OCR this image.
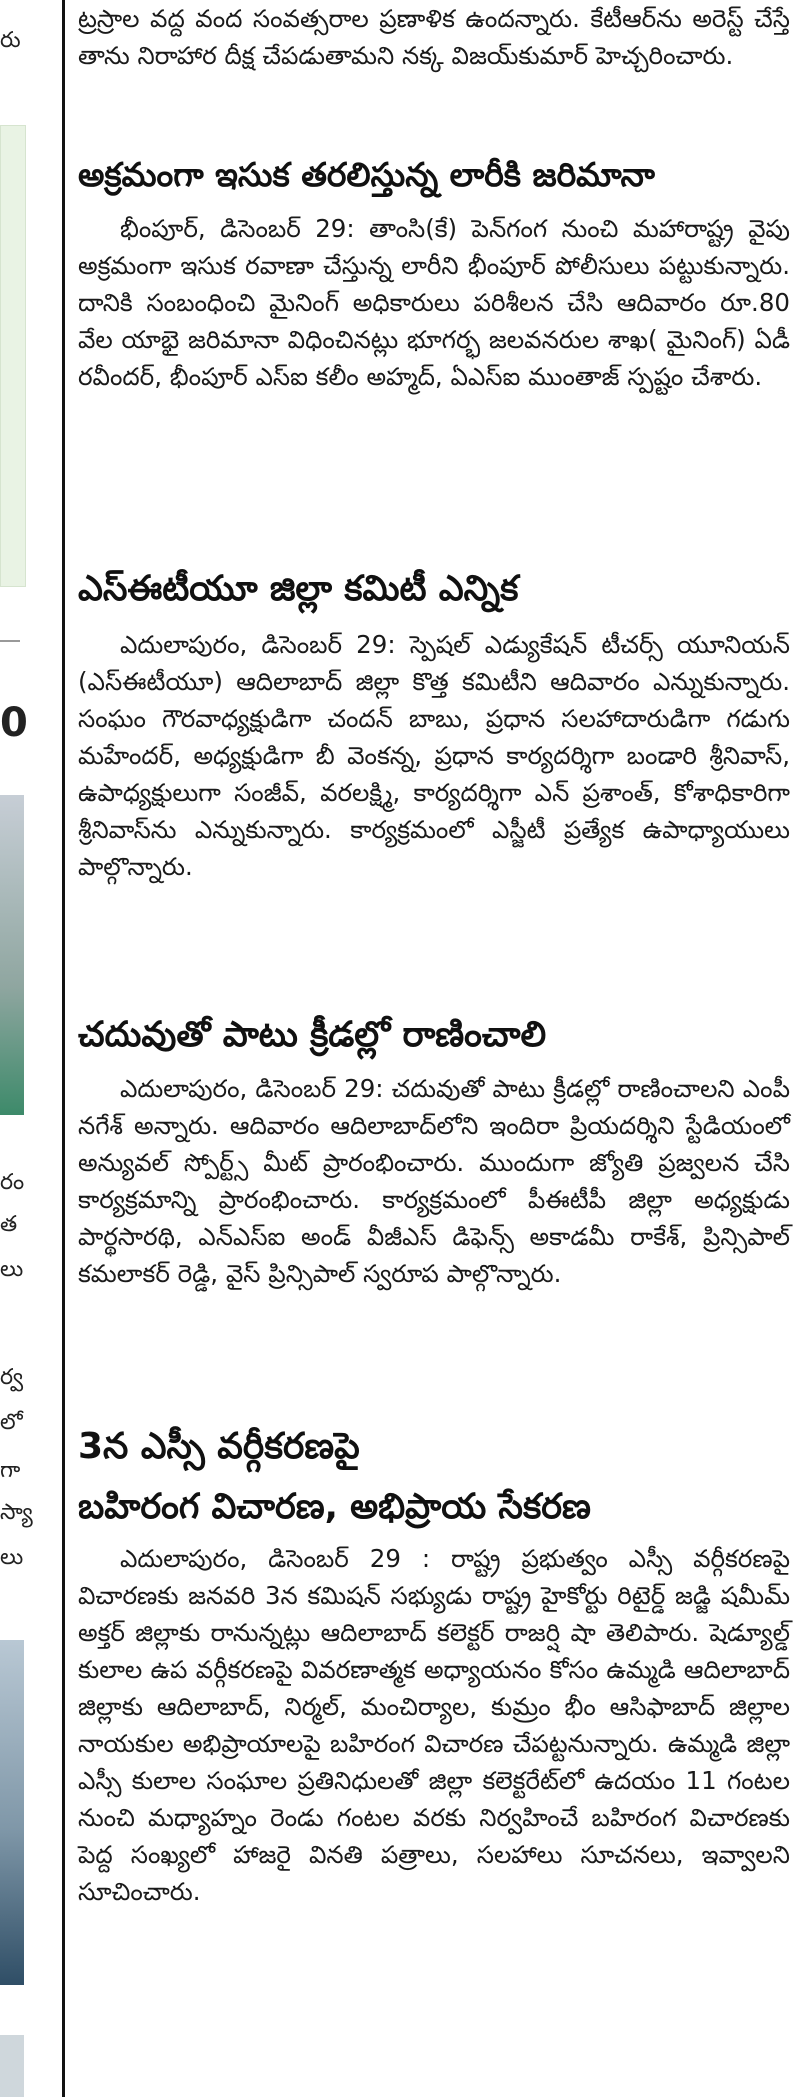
రు
0
రం
త
లు
ర్వ
లో
గా
స్యా
లు

ట్రస్రాల వద్ద వంద సంవత్సరాల ప్రణాళిక ఉందన్నారు. కేటీఆర్‌ను అరెస్ట్ చేస్తే తాను నిరాహార దీక్ష చేపడుతామని నక్క విజయ్‌కుమార్ హెచ్చరించారు.

అక్రమంగా ఇసుక తరలిస్తున్న లారీకి జరిమానా

భీంపూర్, డిసెంబర్ 29: తాంసి(కే) పెన్‌గంగ నుంచి మహారాష్ట్ర వైపు అక్రమంగా ఇసుక రవాణా చేస్తున్న లారీని భీంపూర్ పోలీసులు పట్టుకున్నారు. దానికి సంబంధించి మైనింగ్ అధికారులు పరిశీలన చేసి ఆదివారం రూ.80 వేల యాభై జరిమానా విధించినట్లు భూగర్భ జలవనరుల శాఖ( మైనింగ్) ఏడీ రవీందర్, భీంపూర్ ఎస్ఐ కలీం అహ్మద్, ఏఎస్ఐ ముంతాజ్ స్పష్టం చేశారు.

ఎస్ఈటీయూ జిల్లా కమిటీ ఎన్నిక

ఎదులాపురం, డిసెంబర్ 29: స్పెషల్ ఎడ్యుకేషన్ టీచర్స్ యూనియన్ (ఎస్ఈటీయూ) ఆదిలాబాద్ జిల్లా కొత్త కమిటీని ఆదివారం ఎన్నుకున్నారు. సంఘం గౌరవాధ్యక్షుడిగా చందన్ బాబు, ప్రధాన సలహాదారుడిగా గడుగు మహేందర్, అధ్యక్షుడిగా బీ వెంకన్న, ప్రధాన కార్యదర్శిగా బండారి శ్రీనివాస్, ఉపాధ్యక్షులుగా సంజీవ్, వరలక్ష్మి, కార్యదర్శిగా ఎన్ ప్రశాంత్, కోశాధికారిగా శ్రీనివాస్‌ను ఎన్నుకున్నారు. కార్యక్రమంలో ఎస్జీటీ ప్రత్యేక ఉపాధ్యాయులు పాల్గొన్నారు.

చదువుతో పాటు క్రీడల్లో రాణించాలి

ఎదులాపురం, డిసెంబర్ 29: చదువుతో పాటు క్రీడల్లో రాణించాలని ఎంపీ నగేశ్ అన్నారు. ఆదివారం ఆదిలాబాద్‌లోని ఇందిరా ప్రియదర్శిని స్టేడియంలో అన్యువల్ స్పోర్ట్స్ మీట్ ప్రారంభించారు. ముందుగా జ్యోతి ప్రజ్వలన చేసి కార్యక్రమాన్ని ప్రారంభించారు. కార్యక్రమంలో పీఈటీపీ జిల్లా అధ్యక్షుడు పార్థసారథి, ఎన్ఎస్ఐ అండ్ వీజీఎస్ డిఫెన్స్ అకాడమీ రాకేశ్, ప్రిన్సిపాల్ కమలాకర్ రెడ్డి, వైస్ ప్రిన్సిపాల్ స్వరూప పాల్గొన్నారు.

3న ఎస్సీ వర్గీకరణపై
బహిరంగ విచారణ, అభిప్రాయ సేకరణ

ఎదులాపురం, డిసెంబర్ 29 : రాష్ట్ర ప్రభుత్వం ఎస్సీ వర్గీకరణపై విచారణకు జనవరి 3న కమిషన్ సభ్యుడు రాష్ట్ర హైకోర్టు రిటైర్డ్ జడ్జి షమీమ్ అక్తర్ జిల్లాకు రానున్నట్లు ఆదిలాబాద్ కలెక్టర్ రాజర్షి షా తెలిపారు. షెడ్యూల్డ్ కులాల ఉప వర్గీకరణపై వివరణాత్మక అధ్యాయనం కోసం ఉమ్మడి ఆదిలాబాద్ జిల్లాకు ఆదిలాబాద్, నిర్మల్, మంచిర్యాల, కుమ్రం భీం ఆసిఫాబాద్ జిల్లాల నాయకుల అభిప్రాయాలపై బహిరంగ విచారణ చేపట్టనున్నారు. ఉమ్మడి జిల్లా ఎస్సీ కులాల సంఘాల ప్రతినిధులతో జిల్లా కలెక్టరేట్‌లో ఉదయం 11 గంటల నుంచి మధ్యాహ్నం రెండు గంటల వరకు నిర్వహించే బహిరంగ విచారణకు పెద్ద సంఖ్యలో హాజరై వినతి పత్రాలు, సలహాలు సూచనలు, ఇవ్వాలని సూచించారు.
